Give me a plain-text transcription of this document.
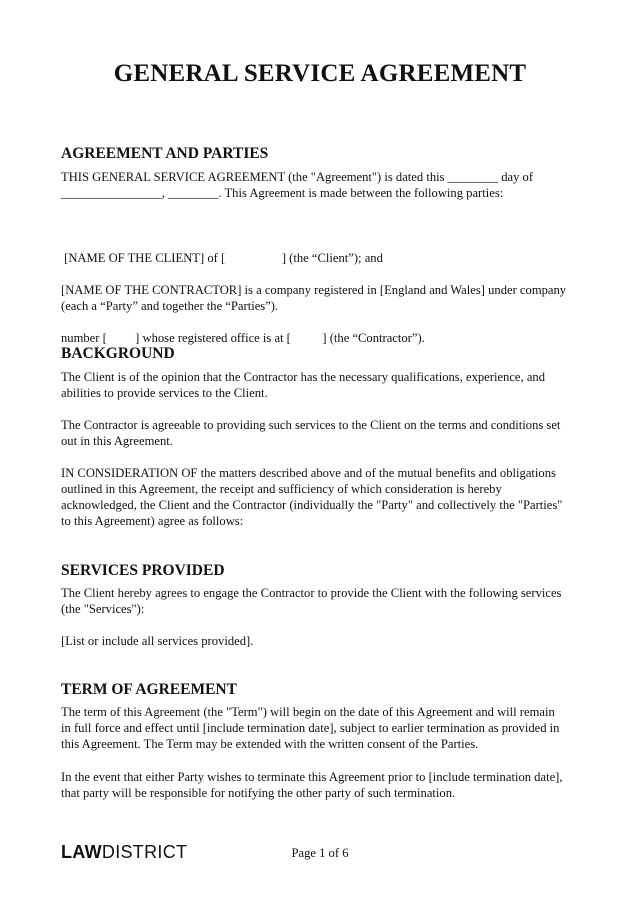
GENERAL SERVICE AGREEMENT
AGREEMENT AND PARTIES
THIS GENERAL SERVICE AGREEMENT (the "Agreement") is dated this ________ day of
________________, ________. This Agreement is made between the following parties:

[NAME OF THE CLIENT] of [                  ] (the “Client”); and

[NAME OF THE CONTRACTOR] is a company registered in [England and Wales] under company

number [         ] whose registered office is at [          ] (the “Contractor”).

(each a “Party” and together the “Parties”).
BACKGROUND
The Client is of the opinion that the Contractor has the necessary qualifications, experience, and
abilities to provide services to the Client.
The Contractor is agreeable to providing such services to the Client on the terms and conditions set
out in this Agreement.
IN CONSIDERATION OF the matters described above and of the mutual benefits and obligations
outlined in this Agreement, the receipt and sufficiency of which consideration is hereby
acknowledged, the Client and the Contractor (individually the "Party" and collectively the "Parties"
to this Agreement) agree as follows:
SERVICES PROVIDED
The Client hereby agrees to engage the Contractor to provide the Client with the following services
(the "Services"):
[List or include all services provided].
TERM OF AGREEMENT
The term of this Agreement (the "Term") will begin on the date of this Agreement and will remain
in full force and effect until [include termination date], subject to earlier termination as provided in
this Agreement. The Term may be extended with the written consent of the Parties.
In the event that either Party wishes to terminate this Agreement prior to [include termination date],
that party will be responsible for notifying the other party of such termination.
LAWDISTRICT	Page 1 of 6
